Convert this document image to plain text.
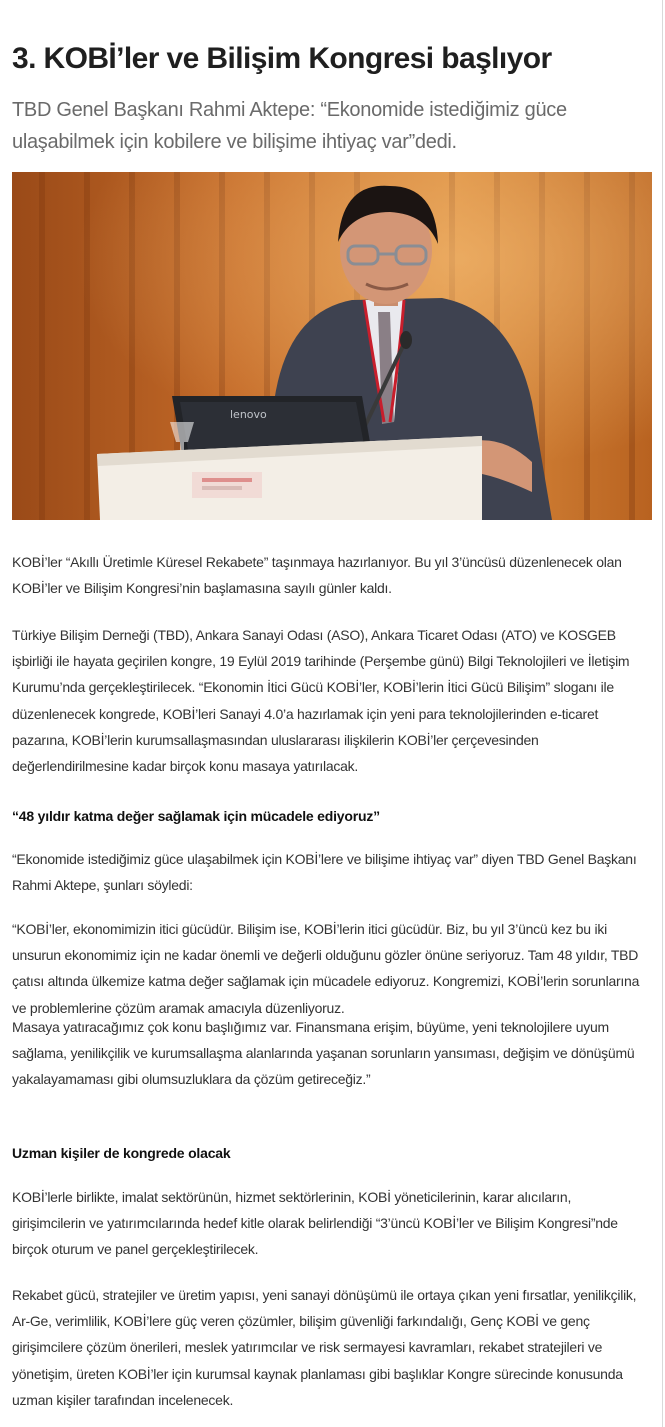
3. KOBİ’ler ve Bilişim Kongresi başlıyor

TBD Genel Başkanı Rahmi Aktepe: “Ekonomide istediğimiz güce ulaşabilmek için kobilere ve bilişime ihtiyaç var”dedi.

lenovo

KOBİ’ler “Akıllı Üretimle Küresel Rekabete” taşınmaya hazırlanıyor. Bu yıl 3’üncüsü düzenlenecek olan KOBİ’ler ve Bilişim Kongresi’nin başlamasına sayılı günler kaldı.

Türkiye Bilişim Derneği (TBD), Ankara Sanayi Odası (ASO), Ankara Ticaret Odası (ATO) ve KOSGEB işbirliği ile hayata geçirilen kongre, 19 Eylül 2019 tarihinde (Perşembe günü) Bilgi Teknolojileri ve İletişim Kurumu’nda gerçekleştirilecek. “Ekonomin İtici Gücü KOBİ’ler, KOBİ’lerin İtici Gücü Bilişim” sloganı ile düzenlenecek kongrede, KOBİ’leri Sanayi 4.0’a hazırlamak için yeni para teknolojilerinden e-ticaret pazarına, KOBİ’lerin kurumsallaşmasından uluslararası ilişkilerin KOBİ’ler çerçevesinden değerlendirilmesine kadar birçok konu masaya yatırılacak.

“48 yıldır katma değer sağlamak için mücadele ediyoruz”

“Ekonomide istediğimiz güce ulaşabilmek için KOBİ’lere ve bilişime ihtiyaç var” diyen TBD Genel Başkanı Rahmi Aktepe, şunları söyledi:

“KOBİ’ler, ekonomimizin itici gücüdür. Bilişim ise, KOBİ’lerin itici gücüdür. Biz, bu yıl 3’üncü kez bu iki unsurun ekonomimiz için ne kadar önemli ve değerli olduğunu gözler önüne seriyoruz. Tam 48 yıldır, TBD çatısı altında ülkemize katma değer sağlamak için mücadele ediyoruz. Kongremizi, KOBİ’lerin sorunlarına ve problemlerine çözüm aramak amacıyla düzenliyoruz.

Masaya yatıracağımız çok konu başlığımız var. Finansmana erişim, büyüme, yeni teknolojilere uyum sağlama, yenilikçilik ve kurumsallaşma alanlarında yaşanan sorunların yansıması, değişim ve dönüşümü yakalayamaması gibi olumsuzluklara da çözüm getireceğiz.”

Uzman kişiler de kongrede olacak

KOBİ’lerle birlikte, imalat sektörünün, hizmet sektörlerinin, KOBİ yöneticilerinin, karar alıcıların, girişimcilerin ve yatırımcılarında hedef kitle olarak belirlendiği “3’üncü KOBİ’ler ve Bilişim Kongresi”nde birçok oturum ve panel gerçekleştirilecek.

Rekabet gücü, stratejiler ve üretim yapısı, yeni sanayi dönüşümü ile ortaya çıkan yeni fırsatlar, yenilikçilik, Ar-Ge, verimlilik, KOBİ’lere güç veren çözümler, bilişim güvenliği farkındalığı, Genç KOBİ ve genç girişimcilere çözüm önerileri, meslek yatırımcılar ve risk sermayesi kavramları, rekabet stratejileri ve yönetişim, üreten KOBİ’ler için kurumsal kaynak planlaması gibi başlıklar Kongre sürecinde konusunda uzman kişiler tarafından incelenecek.
